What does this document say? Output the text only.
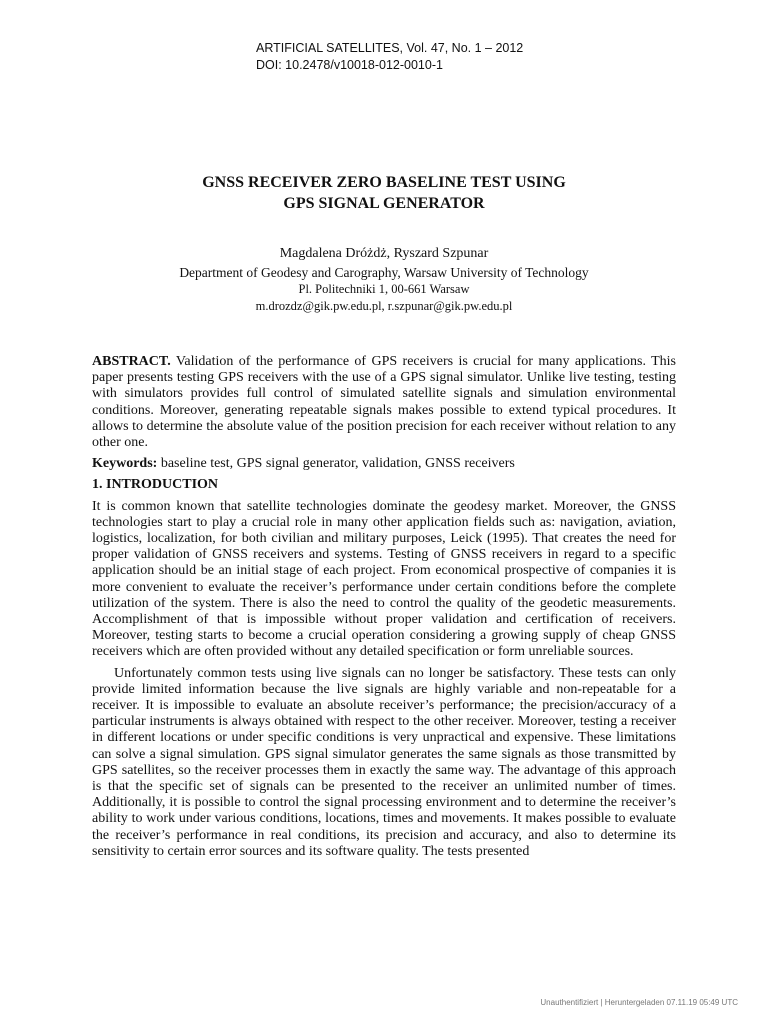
ARTIFICIAL SATELLITES, Vol. 47, No. 1 – 2012
DOI: 10.2478/v10018-012-0010-1
GNSS RECEIVER ZERO BASELINE TEST USING
GPS SIGNAL GENERATOR
Magdalena Dróżdż, Ryszard Szpunar
Department of Geodesy and Carography, Warsaw University of Technology
Pl. Politechniki 1, 00-661 Warsaw
m.drozdz@gik.pw.edu.pl, r.szpunar@gik.pw.edu.pl

ABSTRACT. Validation of the performance of GPS receivers is crucial for many applications. This paper presents testing GPS receivers with the use of a GPS signal simulator. Unlike live testing, testing with simulators provides full control of simulated satellite signals and simulation environmental conditions. Moreover, generating repeatable signals makes possible to extend typical procedures. It allows to determine the absolute value of the position precision for each receiver without relation to any other one.

Keywords: baseline test, GPS signal generator, validation, GNSS receivers

1. INTRODUCTION

It is common known that satellite technologies dominate the geodesy market. Moreover, the GNSS technologies start to play a crucial role in many other application fields such as: navigation, aviation, logistics, localization, for both civilian and military purposes, Leick (1995). That creates the need for proper validation of GNSS receivers and systems. Testing of GNSS receivers in regard to a specific application should be an initial stage of each project. From economical prospective of companies it is more convenient to evaluate the receiver’s performance under certain conditions before the complete utilization of the system. There is also the need to control the quality of the geodetic measurements. Accomplishment of that is impossible without proper validation and certification of receivers. Moreover, testing starts to become a crucial operation considering a growing supply of cheap GNSS receivers which are often provided without any detailed specification or form unreliable sources.

Unfortunately common tests using live signals can no longer be satisfactory. These tests can only provide limited information because the live signals are highly variable and non-repeatable for a receiver. It is impossible to evaluate an absolute receiver’s performance; the precision/accuracy of a particular instruments is always obtained with respect to the other receiver. Moreover, testing a receiver in different locations or under specific conditions is very unpractical and expensive. These limitations can solve a signal simulation. GPS signal simulator generates the same signals as those transmitted by GPS satellites, so the receiver processes them in exactly the same way. The advantage of this approach is that the specific set of signals can be presented to the receiver an unlimited number of times. Additionally, it is possible to control the signal processing environment and to determine the receiver’s ability to work under various conditions, locations, times and movements. It makes possible to evaluate the receiver’s performance in real conditions, its precision and accuracy, and also to determine its sensitivity to certain error sources and its software quality. The tests presented

Unauthentifiziert | Heruntergeladen 07.11.19 05:49 UTC
